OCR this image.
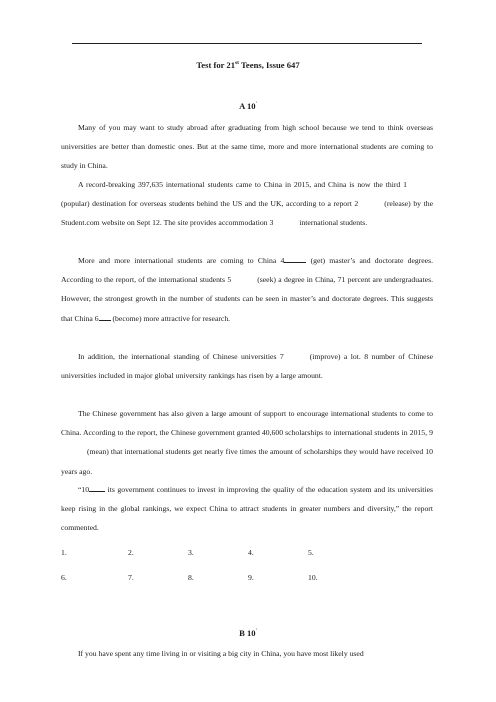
Test for 21st Teens, Issue 647
A 10'

Many of you may want to study abroad after graduating from high school because we tend to think overseas universities are better than domestic ones. But at the same time, more and more international students are coming to study in China.

A record-breaking 397,635 international students came to China in 2015, and China is now the third 1(popular) destination for overseas students behind the US and the UK, according to a report 2	(release) by the Student.com website on Sept 12. The site provides accommodation 3	international students.

More and more international students are coming to China 4	(get) master’s and doctorate degrees. According to the report, of the international students 5	(seek) a degree in China, 71 percent are undergraduates. However, the strongest growth in the number of students can be seen in master’s and doctorate degrees. This suggests that China 6 (become) more attractive for research.

In addition, the international standing of Chinese universities 7	(improve) a lot. 8 number of Chinese universities included in major global university rankings has risen by a large amount.

The Chinese government has also given a large amount of support to encourage international students to come to China. According to the report, the Chinese government granted 40,600 scholarships to international students in 2015, 9(mean) that international students get nearly five times the amount of scholarships they would have received 10 years ago.

“10 its government continues to invest in improving the quality of the education system and its universities keep rising in the global rankings, we expect China to attract students in greater numbers and diversity,” the report commented.

1.	2.	3.	4.	5.
6.	7.	8.	9.	10.
B 10'

If you have spent any time living in or visiting a big city in China, you have most likely used
